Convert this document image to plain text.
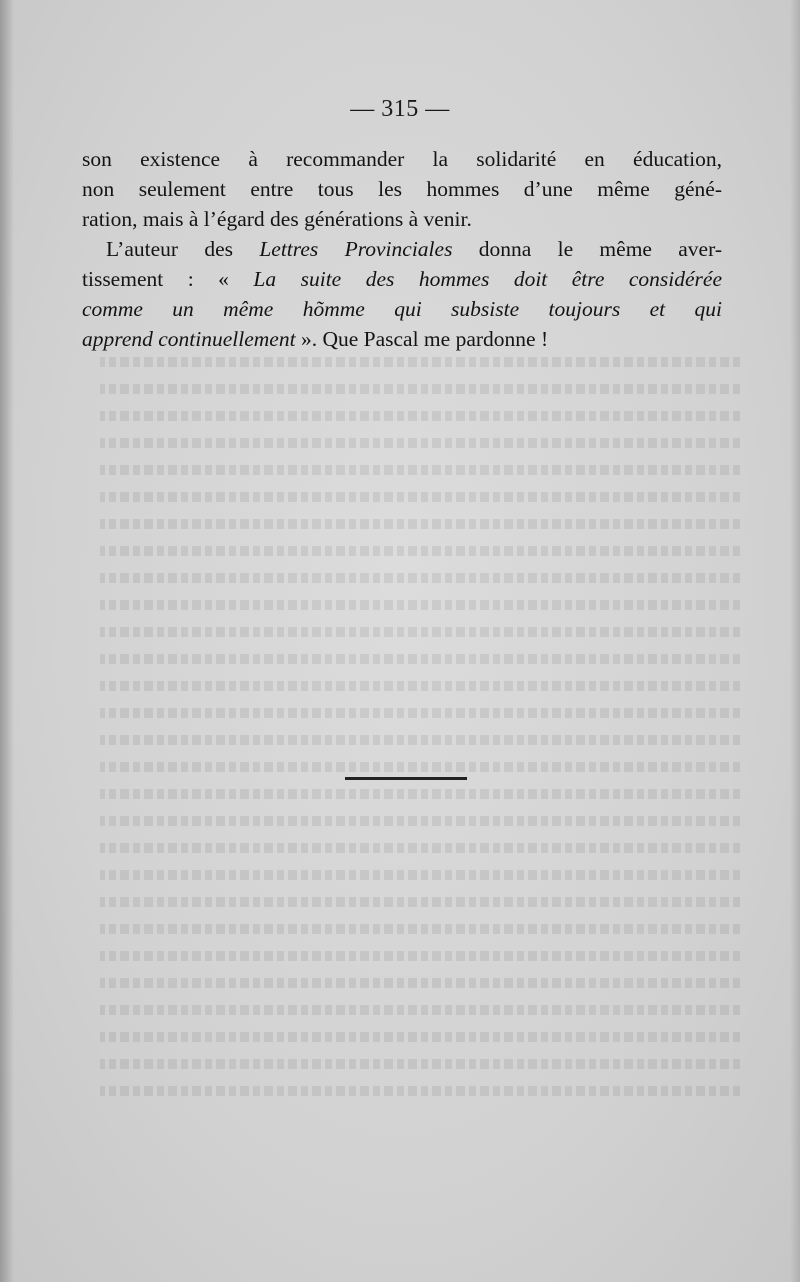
— 315 —

son existence à recommander la solidarité en éducation,
non seulement entre tous les hommes d’une même géné-
ration, mais à l’égard des générations à venir.

L’auteur des Lettres Provinciales donna le même aver-
tissement : « La suite des hommes doit être considérée
comme un même hõmme qui subsiste toujours et qui
apprend continuellement ». Que Pascal me pardonne !
